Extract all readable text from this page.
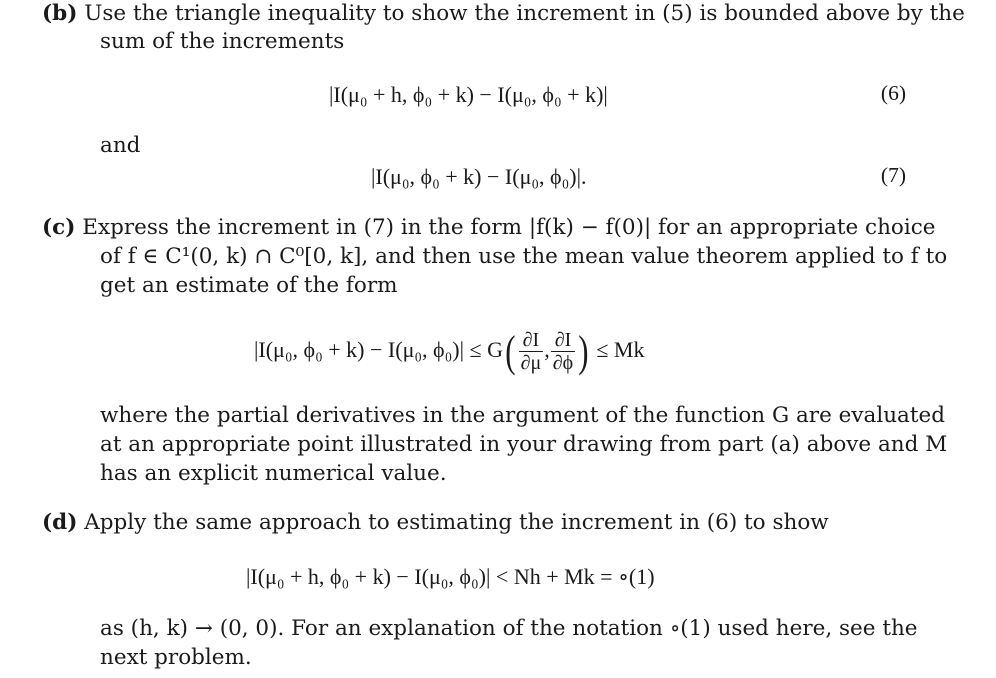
(b) Use the triangle inequality to show the increment in (5) is bounded above by the
sum of the increments
|I(μ₀ + h, ϕ₀ + k) − I(μ₀, ϕ₀ + k)|	(6)
and
|I(μ₀, ϕ₀ + k) − I(μ₀, ϕ₀)|.	(7)
(c) Express the increment in (7) in the form |f(k) − f(0)| for an appropriate choice
of f ∈ C¹(0, k) ∩ C⁰[0, k], and then use the mean value theorem applied to f to
get an estimate of the form
|I(μ₀, ϕ₀ + k) − I(μ₀, $\phi_0)| \le G( \frac{\partial I}{\partial\mu}$ , $\frac{\partial I}{\partial\phi}$ ) ≤ Mk
where the partial derivatives in the argument of the function G are evaluated
at an appropriate point illustrated in your drawing from part (a) above and M
has an explicit numerical value.
(d) Apply the same approach to estimating the increment in (6) to show
|I(μ₀ + h, ϕ₀ + k) − I(μ₀, ϕ₀)| < Nh + Mk = ∘(1)
as (h, k) → (0, 0). For an explanation of the notation ∘(1) used here, see the
next problem.
